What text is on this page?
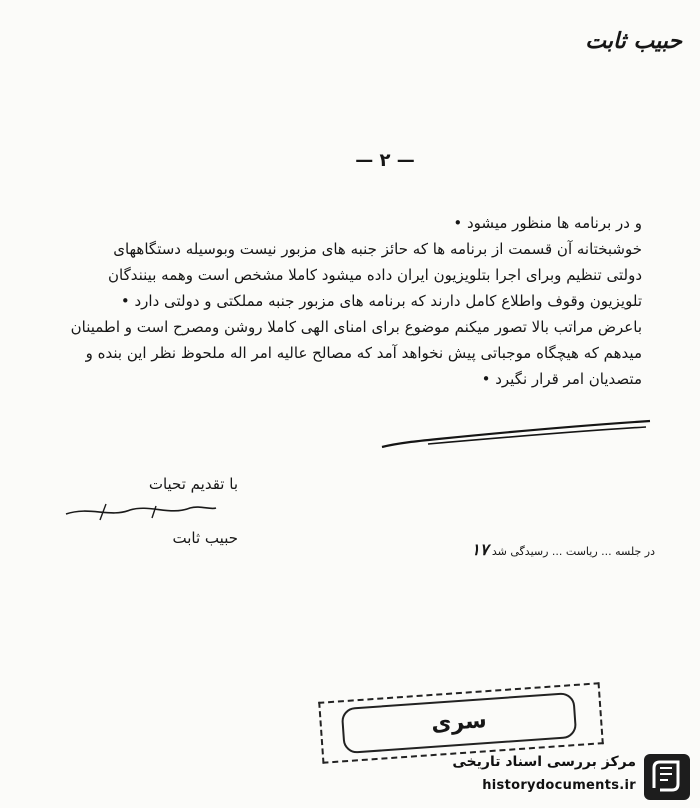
حبیب ثابت
— ۲ —
و در برنامه ها منظور میشود •
خوشبختانه آن قسمت از برنامه ها که حائز جنبه های مزبور نیست وبوسیله دستگاههای
دولتی تنظیم وبرای اجرا بتلویزیون ایران داده میشود کاملا مشخص است وهمه بینندگان
تلویزیون وقوف واطلاع کامل دارند که برنامه های مزبور جنبه مملکتی و دولتی دارد •
باعرض مراتب بالا تصور میکنم موضوع برای امنای الهی کاملا روشن ومصرح است و اطمینان
میدهم که هیچگاه موجباتی پیش نخواهد آمد که مصالح عالیه امر اله ملحوظ نظر این بنده و
متصدیان امر قرار نگیرد •
با تقدیم تحیات
حبیب ثابت
در جلسه ... ریاست ... رسیدگی شد ۱۷
سری
مرکز بررسی اسناد تاریخی
historydocuments.ir
